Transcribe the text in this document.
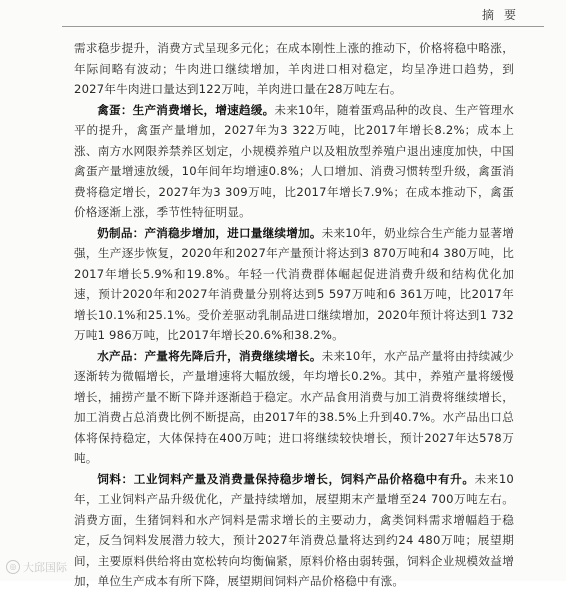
摘要

需求稳步提升，消费方式呈现多元化；在成本刚性上涨的推动下，价格将稳中略涨，年际间略有波动；牛肉进口继续增加，羊肉进口相对稳定，均呈净进口趋势，到2027年牛肉进口量达到122万吨，羊肉进口量在28万吨左右。

禽蛋：生产消费增长，增速趋缓。未来10年，随着蛋鸡品种的改良、生产管理水平的提升，禽蛋产量增加，2027年为3 322万吨，比2017年增长8.2%；成本上涨、南方水网限养禁养区划定，小规模养殖户以及粗放型养殖户退出速度加快，中国禽蛋产量增速放缓，10年间年均增速0.8%；人口增加、消费习惯转型升级，禽蛋消费将稳定增长，2027年为3 309万吨，比2017年增长7.9%；在成本推动下，禽蛋价格逐渐上涨，季节性特征明显。

奶制品：产消稳步增加，进口量继续增加。未来10年，奶业综合生产能力显著增强，生产逐步恢复，2020年和2027年产量预计将达到3 870万吨和4 380万吨，比2017年增长5.9%和19.8%。年轻一代消费群体崛起促进消费升级和结构优化加速，预计2020年和2027年消费量分别将达到5 597万吨和6 361万吨，比2017年增长10.1%和25.1%。受价差驱动乳制品进口继续增加，2020年预计将达到1 732万吨1 986万吨，比2017年增长20.6%和38.2%。

水产品：产量将先降后升，消费继续增长。未来10年，水产品产量将由持续减少逐渐转为微幅增长，产量增速将大幅放缓，年均增长0.2%。其中，养殖产量将缓慢增长，捕捞产量不断下降并逐渐趋于稳定。水产品食用消费与加工消费将继续增长，加工消费占总消费比例不断提高，由2017年的38.5%上升到40.7%。水产品出口总体将保持稳定，大体保持在400万吨；进口将继续较快增长，预计2027年达578万吨。

饲料：工业饲料产量及消费量保持稳步增长，饲料产品价格稳中有升。未来10年，工业饲料产品升级优化，产量持续增加，展望期末产量增至24 700万吨左右。消费方面，生猪饲料和水产饲料是需求增长的主要动力，禽类饲料需求增幅趋于稳定，反刍饲料发展潜力较大，预计2027年消费总量将达到约24 480万吨；展望期间，主要原料供给将由宽松转向均衡偏紧，原料价格由弱转强，饲料企业规模效益增加，单位生产成本有所下降，展望期间饲料产品价格稳中有涨。

◎ 大邱国际
